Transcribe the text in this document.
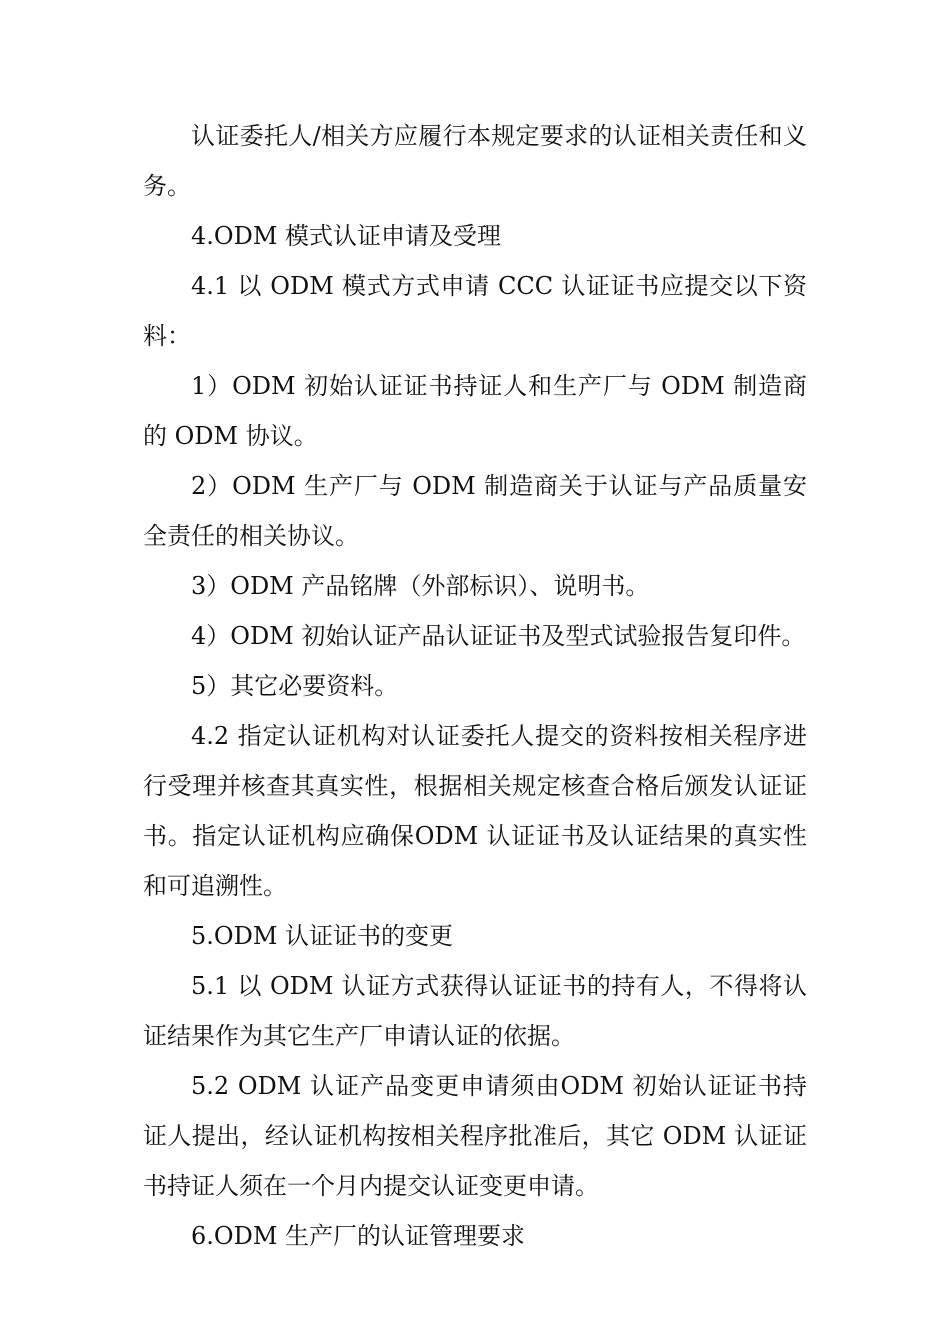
认证委托人/相关方应履行本规定要求的认证相关责任和义务。

4.ODM 模式认证申请及受理

4.1 以 ODM 模式方式申请 CCC 认证证书应提交以下资料：

1）ODM 初始认证证书持证人和生产厂与 ODM 制造商的 ODM 协议。

2）ODM 生产厂与 ODM 制造商关于认证与产品质量安全责任的相关协议。

3）ODM 产品铭牌（外部标识）、说明书。

4）ODM 初始认证产品认证证书及型式试验报告复印件。

5）其它必要资料。

4.2 指定认证机构对认证委托人提交的资料按相关程序进行受理并核查其真实性，根据相关规定核查合格后颁发认证证书。指定认证机构应确保ODM 认证证书及认证结果的真实性和可追溯性。

5.ODM 认证证书的变更

5.1 以 ODM 认证方式获得认证证书的持有人，不得将认证结果作为其它生产厂申请认证的依据。

5.2 ODM 认证产品变更申请须由ODM 初始认证证书持证人提出，经认证机构按相关程序批准后，其它 ODM 认证证书持证人须在一个月内提交认证变更申请。

6.ODM 生产厂的认证管理要求
